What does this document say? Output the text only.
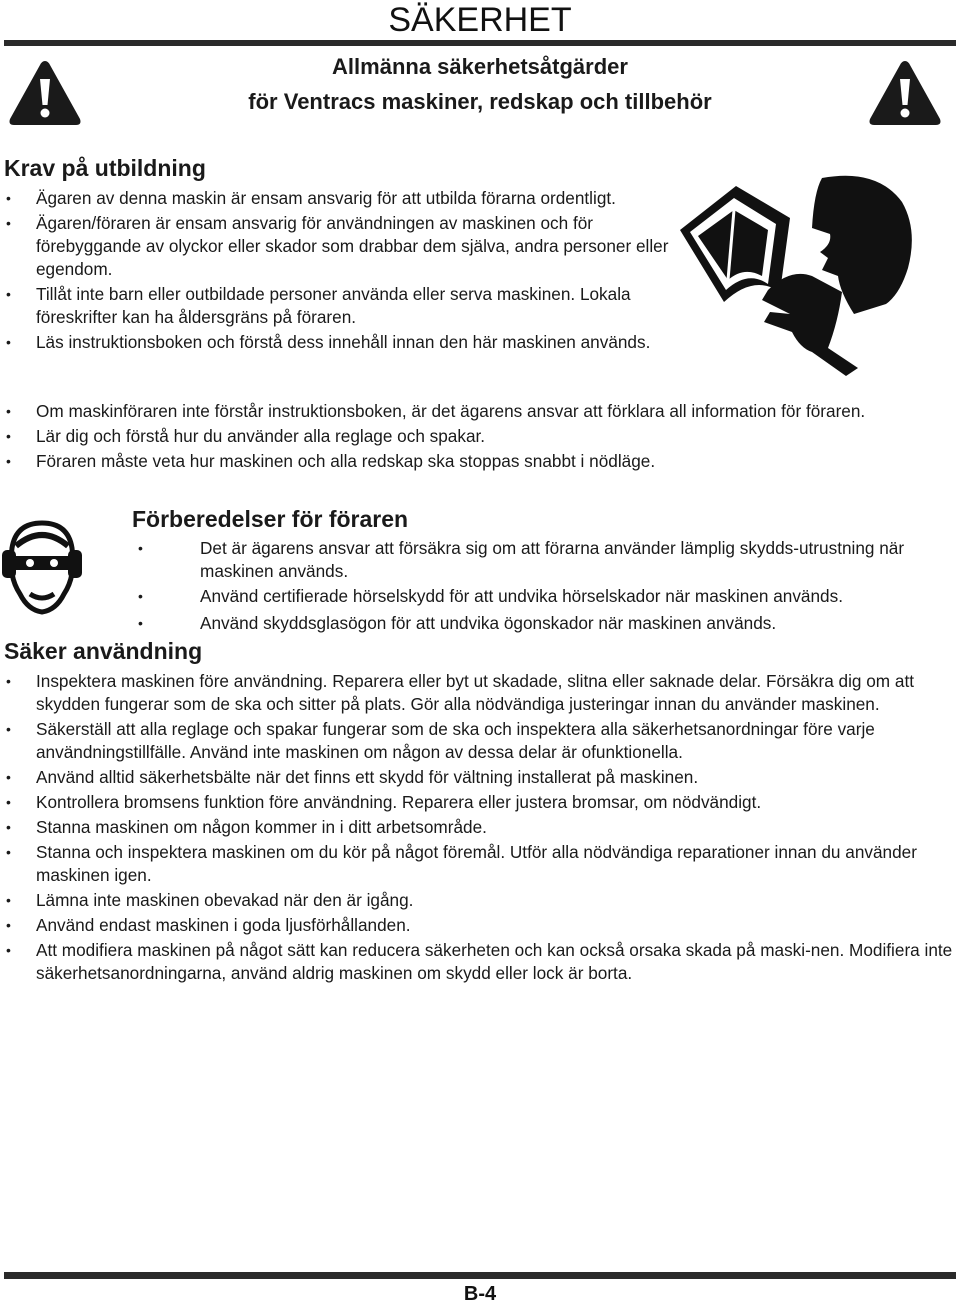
SÄKERHET
Allmänna säkerhetsåtgärder
för Ventracs maskiner, redskap och tillbehör
Krav på utbildning
• Ägaren av denna maskin är ensam ansvarig för att utbilda förarna ordentligt.
• Ägaren/föraren är ensam ansvarig för användningen av maskinen och för förebyggande av olyckor eller skador som drabbar dem själva, andra personer eller egendom.
• Tillåt inte barn eller outbildade personer använda eller serva maskinen. Lokala föreskrifter kan ha åldersgräns på föraren.
• Läs instruktionsboken och förstå dess innehåll innan den här maskinen används.
• Om maskinföraren inte förstår instruktionsboken, är det ägarens ansvar att förklara all information för föraren.
• Lär dig och förstå hur du använder alla reglage och spakar.
• Föraren måste veta hur maskinen och alla redskap ska stoppas snabbt i nödläge.
Förberedelser för föraren
• Det är ägarens ansvar att försäkra sig om att förarna använder lämplig skydds-utrustning när maskinen används.
• Använd certifierade hörselskydd för att undvika hörselskador när maskinen används.
• Använd skyddsglasögon för att undvika ögonskador när maskinen används.
Säker användning
• Inspektera maskinen före användning. Reparera eller byt ut skadade, slitna eller saknade delar. Försäkra dig om att skydden fungerar som de ska och sitter på plats. Gör alla nödvändiga justeringar innan du använder maskinen.
• Säkerställ att alla reglage och spakar fungerar som de ska och inspektera alla säkerhetsanordningar före varje användningstillfälle. Använd inte maskinen om någon av dessa delar är ofunktionella.
• Använd alltid säkerhetsbälte när det finns ett skydd för vältning installerat på maskinen.
• Kontrollera bromsens funktion före användning. Reparera eller justera bromsar, om nödvändigt.
• Stanna maskinen om någon kommer in i ditt arbetsområde.
• Stanna och inspektera maskinen om du kör på något föremål. Utför alla nödvändiga reparationer innan du använder maskinen igen.
• Lämna inte maskinen obevakad när den är igång.
• Använd endast maskinen i goda ljusförhållanden.
• Att modifiera maskinen på något sätt kan reducera säkerheten och kan också orsaka skada på maski-nen. Modifiera inte säkerhetsanordningarna, använd aldrig maskinen om skydd eller lock är borta.
B-4
